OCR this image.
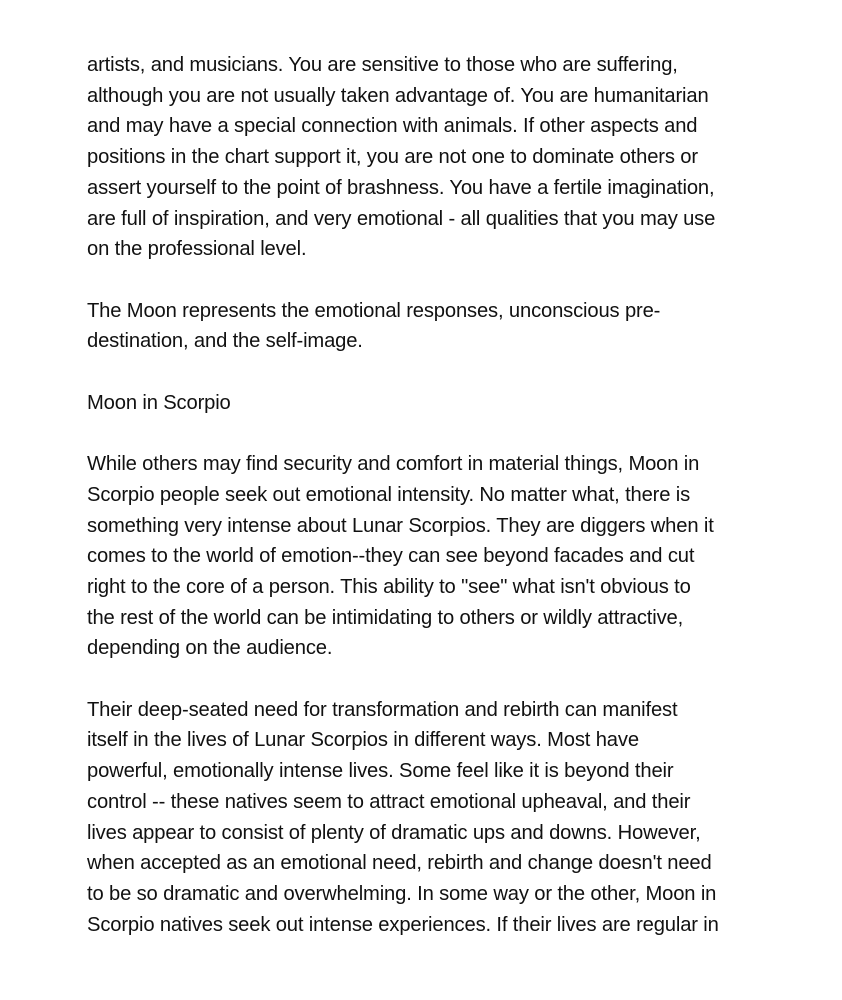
artists, and musicians. You are sensitive to those who are suffering,
although you are not usually taken advantage of. You are humanitarian
and may have a special connection with animals. If other aspects and
positions in the chart support it, you are not one to dominate others or
assert yourself to the point of brashness. You have a fertile imagination,
are full of inspiration, and very emotional - all qualities that you may use
on the professional level.

The Moon represents the emotional responses, unconscious pre-
destination, and the self-image.

Moon in Scorpio

While others may find security and comfort in material things, Moon in
Scorpio people seek out emotional intensity. No matter what, there is
something very intense about Lunar Scorpios. They are diggers when it
comes to the world of emotion--they can see beyond facades and cut
right to the core of a person. This ability to "see" what isn't obvious to
the rest of the world can be intimidating to others or wildly attractive,
depending on the audience.

Their deep-seated need for transformation and rebirth can manifest
itself in the lives of Lunar Scorpios in different ways. Most have
powerful, emotionally intense lives. Some feel like it is beyond their
control -- these natives seem to attract emotional upheaval, and their
lives appear to consist of plenty of dramatic ups and downs. However,
when accepted as an emotional need, rebirth and change doesn't need
to be so dramatic and overwhelming. In some way or the other, Moon in
Scorpio natives seek out intense experiences. If their lives are regular in
